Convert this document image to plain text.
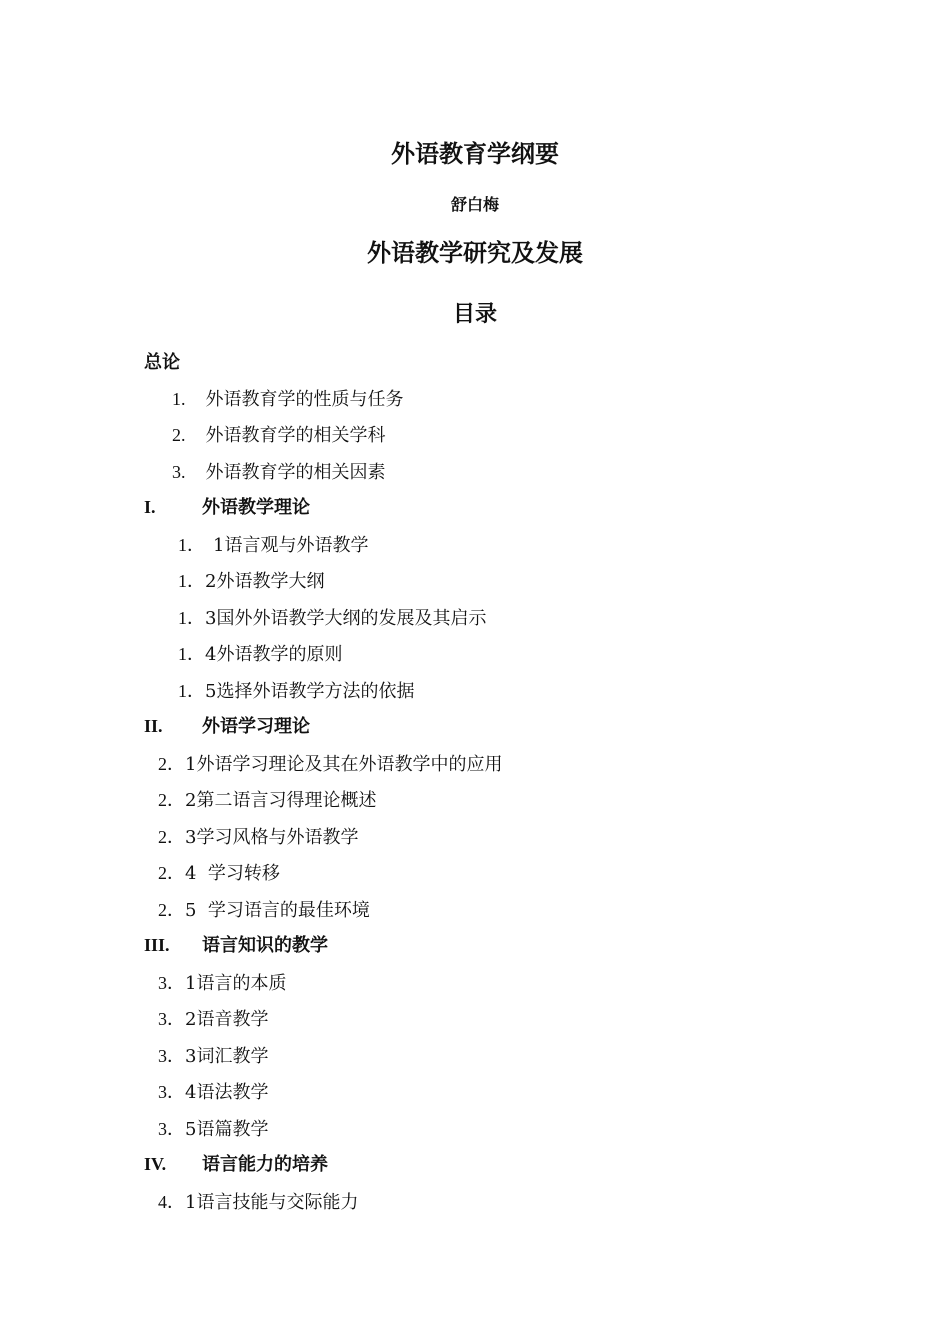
外语教育学纲要
舒白梅
外语教学研究及发展
目录
总论
1. 外语教育学的性质与任务
2. 外语教育学的相关学科
3. 外语教育学的相关因素
I.	外语教学理论
1． 1语言观与外语教学
1．2外语教学大纲
1．3国外外语教学大纲的发展及其启示
1．4外语教学的原则
1．5选择外语教学方法的依据
II. 外语学习理论
2．1外语学习理论及其在外语教学中的应用
2．2第二语言习得理论概述
2．3学习风格与外语教学
2．4  学习转移
2．5  学习语言的最佳环境
III. 语言知识的教学
3．1语言的本质
3．2语音教学
3．3词汇教学
3．4语法教学
3．5语篇教学
IV. 语言能力的培养
4．1语言技能与交际能力
